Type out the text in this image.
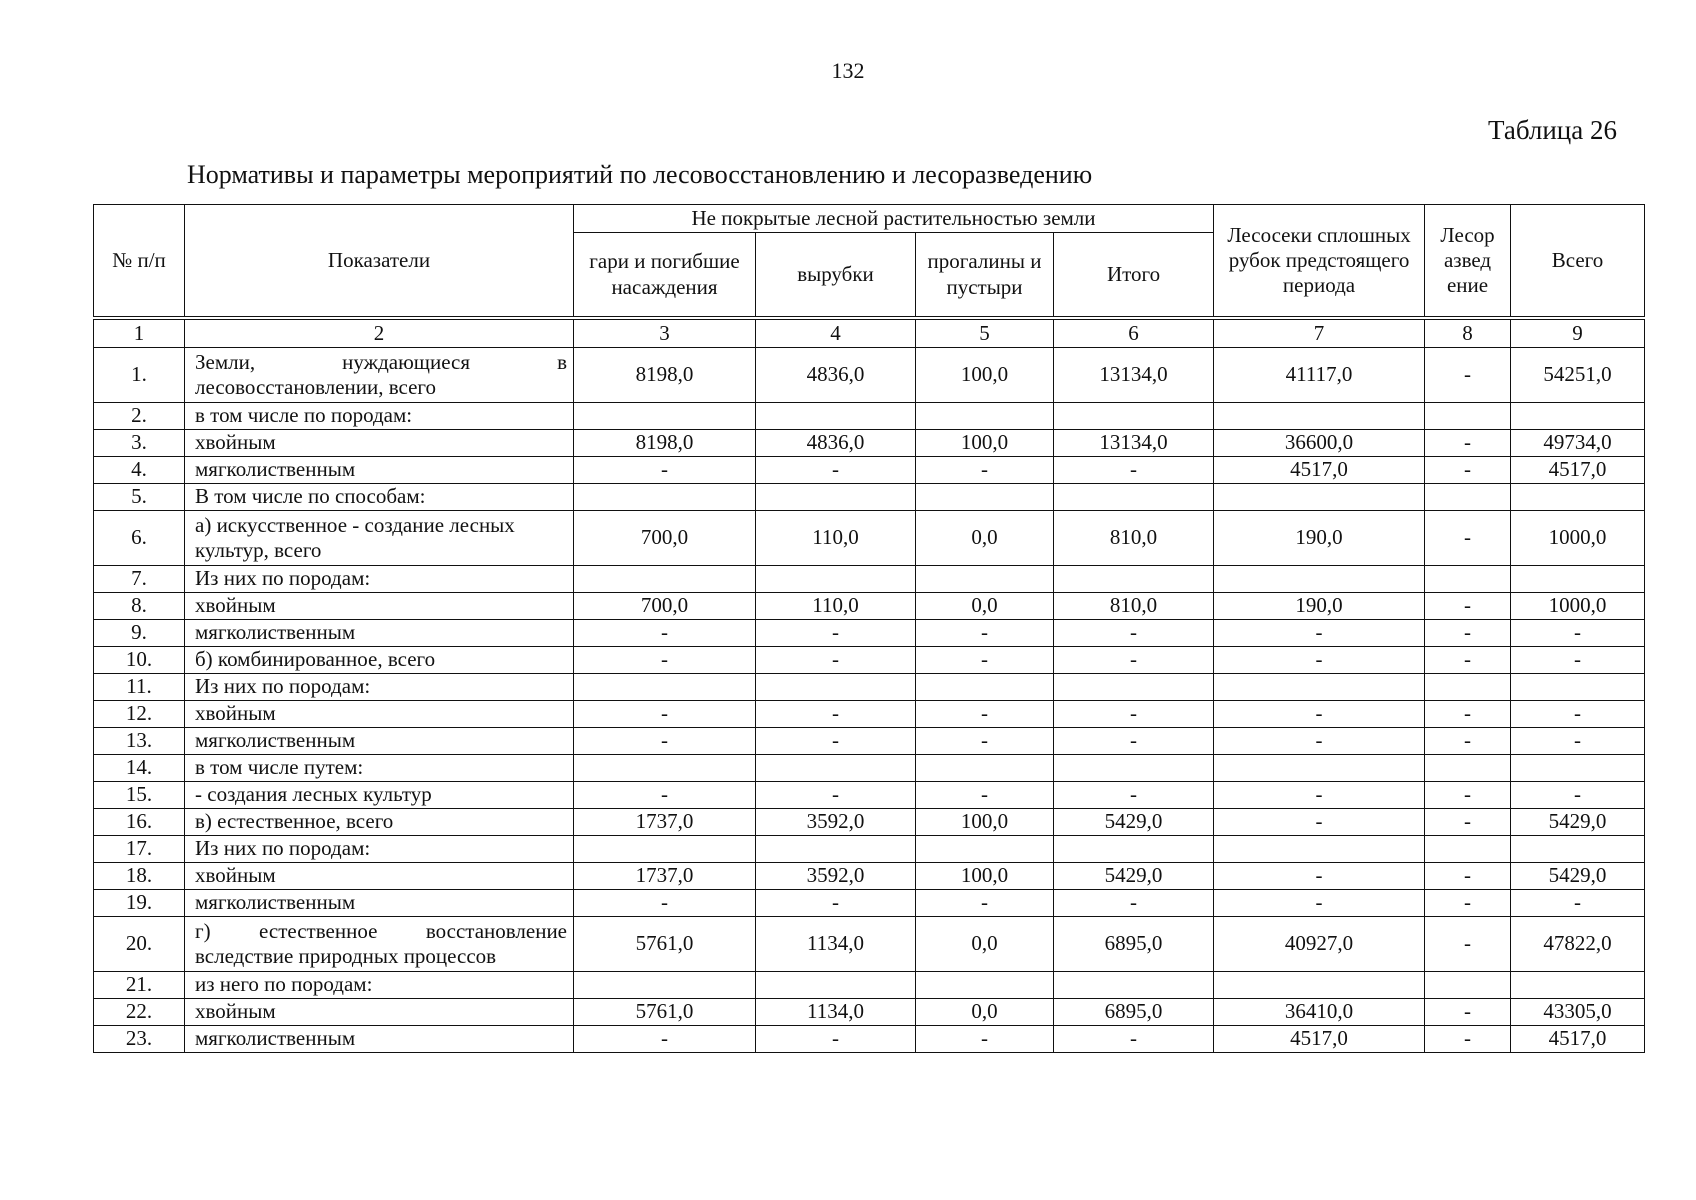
132
Таблица 26
Нормативы и параметры мероприятий по лесовосстановлению и лесоразведению
№ п/п	Показатели	Не покрытые лесной растительностью земли				Лесосеки сплошных рубок предстоящего периода	Лесор азвед ение	Всего
		гари и погибшие насаждения	вырубки	прогалины и пустыри	Итого			
1	2	3	4	5	6	7	8	9
1.	Земли, нуждающиеся в лесовосстановлении, всего	8198,0	4836,0	100,0	13134,0	41117,0	-	54251,0
2.	в том числе по породам:							
3.	хвойным	8198,0	4836,0	100,0	13134,0	36600,0	-	49734,0
4.	мягколиственным	-	-	-	-	4517,0	-	4517,0
5.	В том числе по способам:							
6.	а) искусственное - создание лесных культур, всего	700,0	110,0	0,0	810,0	190,0	-	1000,0
7.	Из них по породам:							
8.	хвойным	700,0	110,0	0,0	810,0	190,0	-	1000,0
9.	мягколиственным	-	-	-	-	-	-	-
10.	б) комбинированное, всего	-	-	-	-	-	-	-
11.	Из них по породам:							
12.	хвойным	-	-	-	-	-	-	-
13.	мягколиственным	-	-	-	-	-	-	-
14.	в том числе путем:							
15.	- создания лесных культур	-	-	-	-	-	-	-
16.	в) естественное, всего	1737,0	3592,0	100,0	5429,0	-	-	5429,0
17.	Из них по породам:							
18.	хвойным	1737,0	3592,0	100,0	5429,0	-	-	5429,0
19.	мягколиственным	-	-	-	-	-	-	-
20.	г) естественное восстановление вследствие природных процессов	5761,0	1134,0	0,0	6895,0	40927,0	-	47822,0
21.	из него по породам:							
22.	хвойным	5761,0	1134,0	0,0	6895,0	36410,0	-	43305,0
23.	мягколиственным	-	-	-	-	4517,0	-	4517,0
